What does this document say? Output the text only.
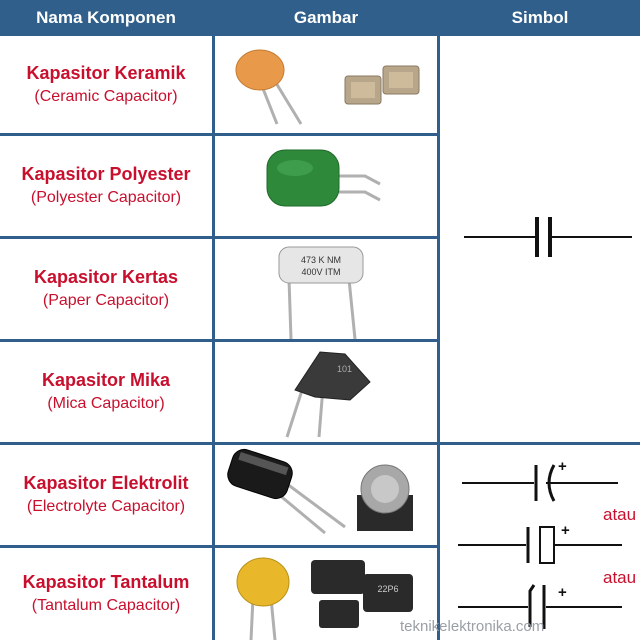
Nama Komponen	Gambar	Simbol
Kapasitor Keramik
(Ceramic Capacitor)
Kapasitor Polyester
(Polyester Capacitor)
Kapasitor Kertas
(Paper Capacitor)
Kapasitor Mika
(Mica Capacitor)
Kapasitor Elektrolit
(Electrolyte Capacitor)
Kapasitor Tantalum
(Tantalum Capacitor)
473 K NM
400V ITM
101
22P6
+
+
+
atau
atau
teknikelektronika.com
